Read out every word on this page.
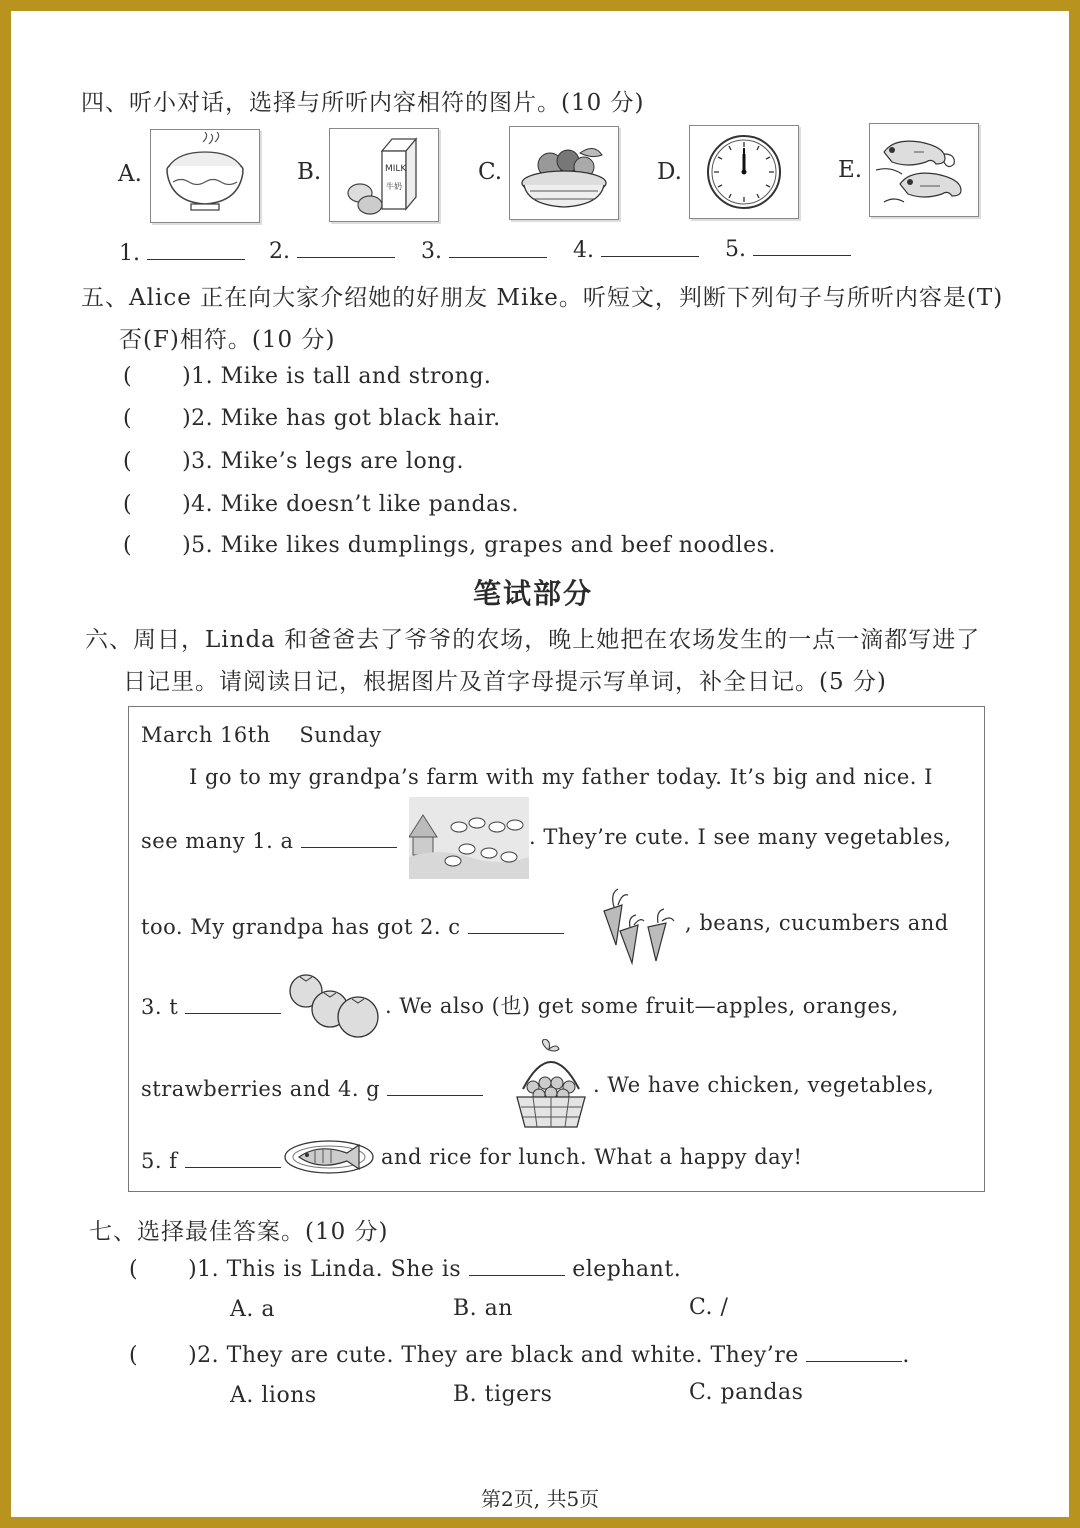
四、听小对话，选择与所听内容相符的图片。(10 分)
A.	B.	MILK
牛奶
C.	D.	E.
1.	2.	3.	4.	5.
五、Alice 正在向大家介绍她的好朋友 Mike。听短文，判断下列句子与所听内容是(T)
否(F)相符。(10 分)
( )1. Mike is tall and strong.
( )2. Mike has got black hair.
( )3. Mike’s legs are long.
( )4. Mike doesn’t like pandas.
( )5. Mike likes dumplings, grapes and beef noodles.
笔试部分
六、周日，Linda 和爸爸去了爷爷的农场，晚上她把在农场发生的一点一滴都写进了
日记里。请阅读日记，根据图片及首字母提示写单词，补全日记。(5 分)
March 16th    Sunday
I go to my grandpa’s farm with my father today. It’s big and nice. I
see many 1. a	. They’re cute. I see many vegetables,
too. My grandpa has got 2. c	, beans, cucumbers and
3. t	. We also (也) get some fruit—apples, oranges,
strawberries and 4. g	. We have chicken, vegetables,
5. f	and rice for lunch. What a happy day!
七、选择最佳答案。(10 分)
( )1. This is Linda. She is	elephant.
A. a	B. an	C. /
( )2. They are cute. They are black and white. They’re	.
A. lions	B. tigers	C. pandas
第2页, 共5页
